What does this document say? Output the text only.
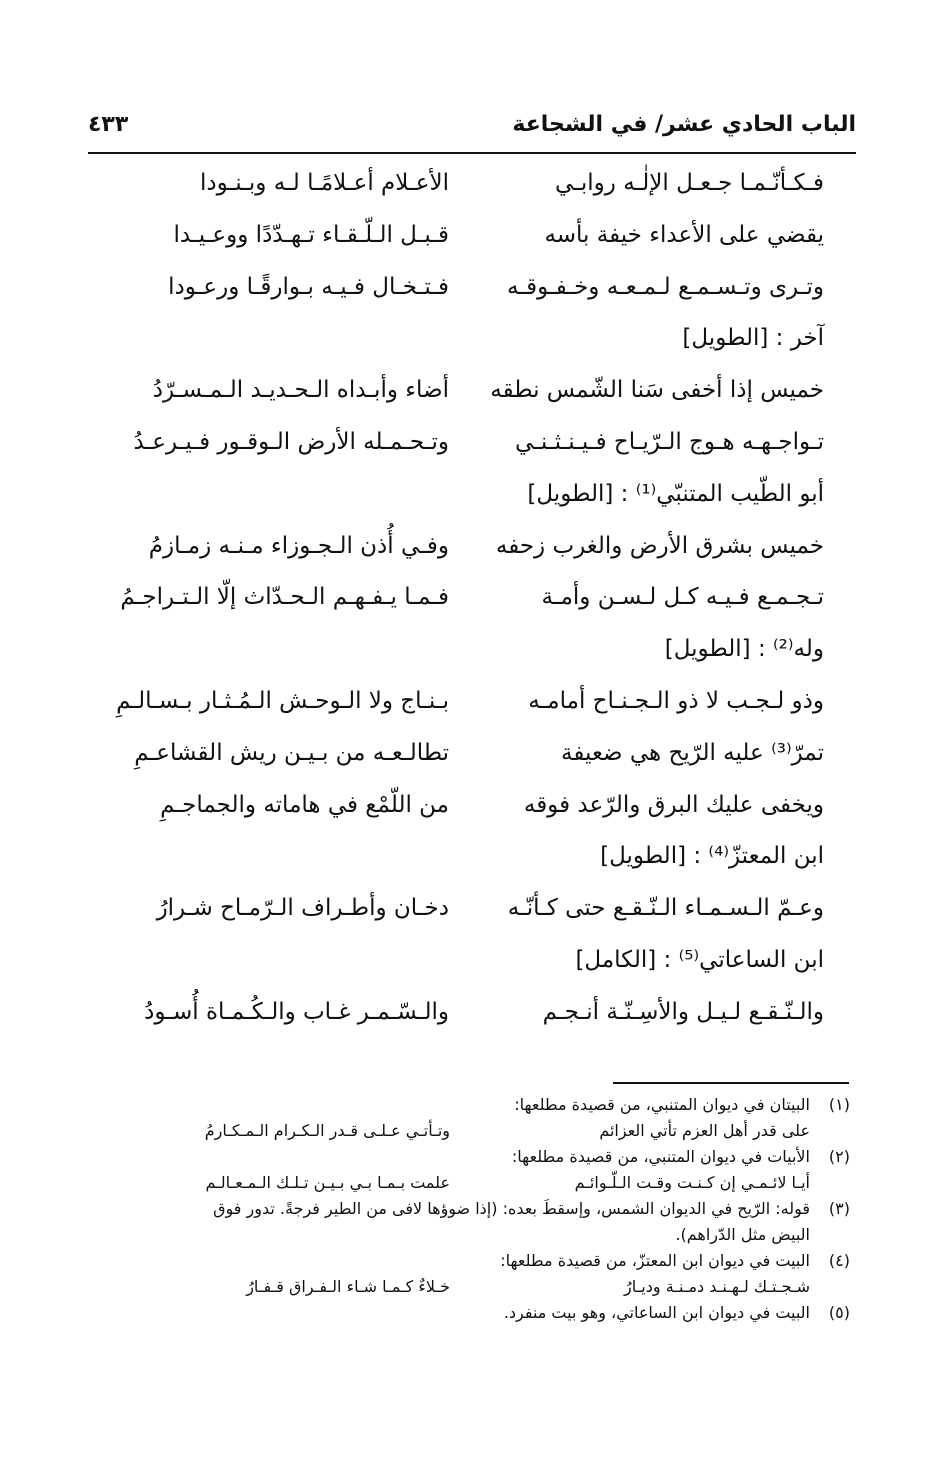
الباب الحادي عشر/ في الشجاعة
٤٣٣
فـكـأنّـمـا جـعـل الإلٰـه روابـي
الأعـلام أعـلامًـا لـه وبـنـودا
يقضي على الأعداء خيفة بأسه
قـبـل الـلّـقـاء تـهـدّدًا ووعـيـدا
وتـرى وتـسـمـع لـمـعـه وخـفـوقـه
فـتـخـال فـيـه بـوارقًـا ورعـودا
آخر : [الطويل]
خميس إذا أخفى سَنا الشّمس نطقه
أضاء وأبـداه الـحـديـد الـمـسـرّدُ
تـواجـهـه هـوج الـرّيـاح فـيـنـثـنـي
وتـحـمـله الأرض الـوقـور فـيـرعـدُ
أبو الطّيب المتنبّي⁽¹⁾ : [الطويل]
خميس بشرق الأرض والغرب زحفه
وفـي أُذن الـجـوزاء مـنـه زمـازمُ
تـجـمـع فـيـه كـل لـسـن وأمـة
فـمـا يـفـهـم الـحـدّاث إلّا الـتـراجـمُ
وله⁽²⁾ : [الطويل]
وذو لـجـب لا ذو الـجـنـاح أمامـه
بـنـاج ولا الـوحـش الـمُـثـار بـسـالـمِ
تمرّ⁽³⁾ عليه الرّيح هي ضعيفة
تطالـعـه من بـيـن ريش القشاعـمِ
ويخفى عليك البرق والرّعد فوقه
من اللّمْع في هاماته والجماجـمِ
ابن المعتزّ⁽⁴⁾ : [الطويل]
وعـمّ الـسـمـاء الـنّـقـع حتى كـأنّـه
دخـان وأطـراف الـرّمـاح شـرارُ
ابن الساعاتي⁽⁵⁾ : [الكامل]
والـنّـقـع لـيـل والأسِـنّـة أنـجـم
والـسّـمـر غـاب والـكُـمـاة أُسـودُ
(١)
البيتان في ديوان المتنبي، من قصيدة مطلعها:
على قدر أهل العزم تأتي العزائم
وتـأتـي عـلـى قـدر الـكـرام الـمـكـارمُ
(٢)
الأبيات في ديوان المتنبي، من قصيدة مطلعها:
أيـا لائـمـي إن كـنـت وقـت الـلّـوائـم
علمت بـمـا بـي بـيـن تـلـك الـمـعـالـم
(٣)
قوله: الرّيح في الديوان الشمس، وإسقطَ بعده: (إذا ضوؤها لافى من الطير فرجةً. تدور فوق
البيض مثل الدّراهم).
(٤)
البيت في ديوان ابن المعتزّ، من قصيدة مطلعها:
شـجـتـك لـهـنـد دمـنـة وديـارُ
خـلاءٌ كـمـا شـاء الـفـراق قـفـارُ
(٥)
البيت في ديوان ابن الساعاتي، وهو بيت منفرد.
